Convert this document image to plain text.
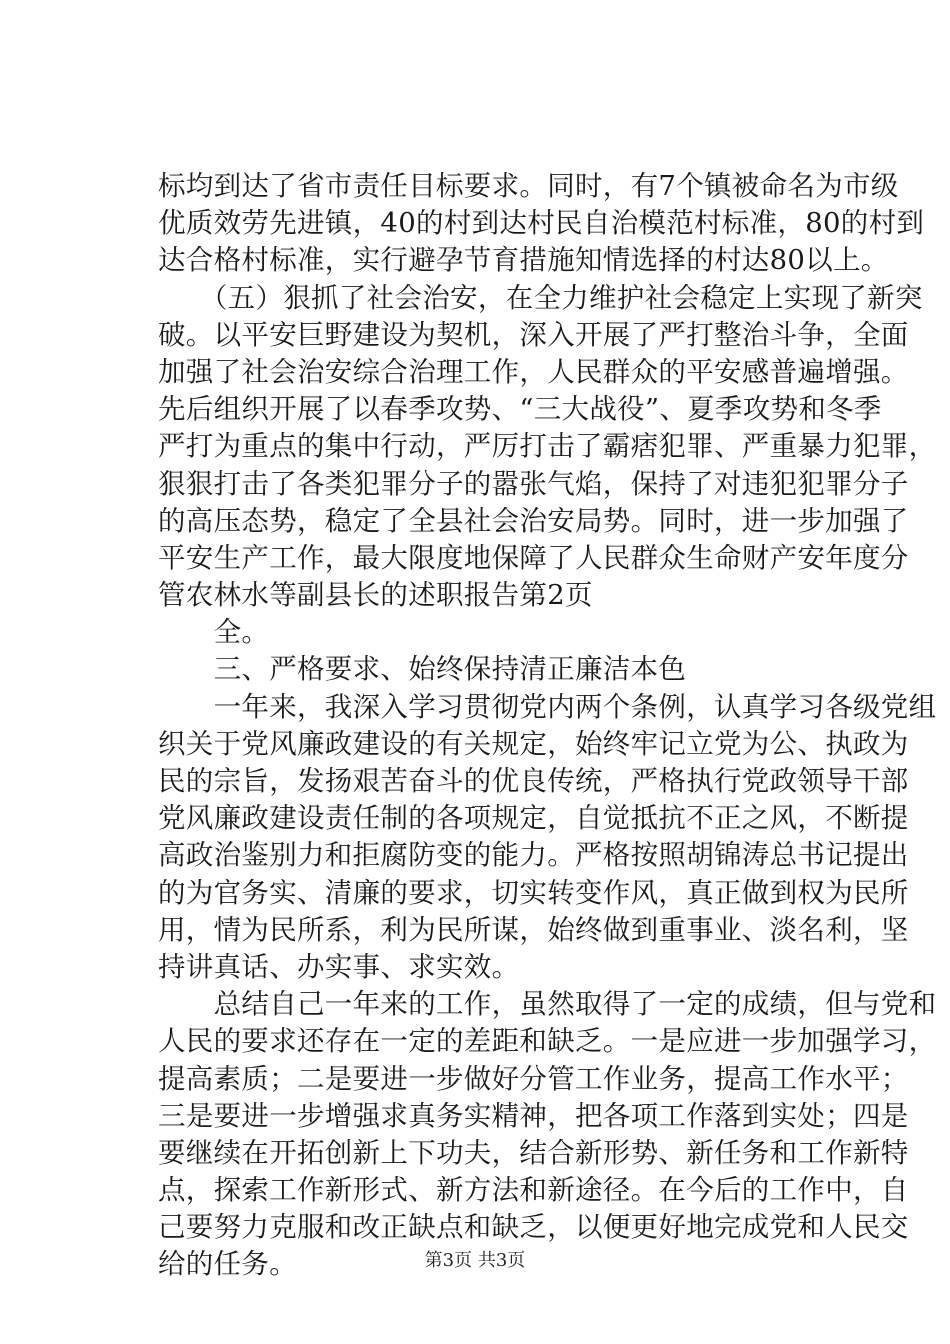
标均到达了省市责任目标要求。同时，有7个镇被命名为市级
优质效劳先进镇，40的村到达村民自治模范村标准，80的村到
达合格村标准，实行避孕节育措施知情选择的村达80以上。
　　（五）狠抓了社会治安，在全力维护社会稳定上实现了新突
破。以平安巨野建设为契机，深入开展了严打整治斗争，全面
加强了社会治安综合治理工作，人民群众的平安感普遍增强。
先后组织开展了以春季攻势、“三大战役”、夏季攻势和冬季
严打为重点的集中行动，严厉打击了霸痞犯罪、严重暴力犯罪，
狠狠打击了各类犯罪分子的嚣张气焰，保持了对违犯犯罪分子
的高压态势，稳定了全县社会治安局势。同时，进一步加强了
平安生产工作，最大限度地保障了人民群众生命财产安年度分
管农林水等副县长的述职报告第2页
　　全。
　　三、严格要求、始终保持清正廉洁本色
　　一年来，我深入学习贯彻党内两个条例，认真学习各级党组
织关于党风廉政建设的有关规定，始终牢记立党为公、执政为
民的宗旨，发扬艰苦奋斗的优良传统，严格执行党政领导干部
党风廉政建设责任制的各项规定，自觉抵抗不正之风，不断提
高政治鉴别力和拒腐防变的能力。严格按照胡锦涛总书记提出
的为官务实、清廉的要求，切实转变作风，真正做到权为民所
用，情为民所系，利为民所谋，始终做到重事业、淡名利，坚
持讲真话、办实事、求实效。
　　总结自己一年来的工作，虽然取得了一定的成绩，但与党和
人民的要求还存在一定的差距和缺乏。一是应进一步加强学习，
提高素质；二是要进一步做好分管工作业务，提高工作水平；
三是要进一步增强求真务实精神，把各项工作落到实处；四是
要继续在开拓创新上下功夫，结合新形势、新任务和工作新特
点，探索工作新形式、新方法和新途径。在今后的工作中，自
己要努力克服和改正缺点和缺乏，以便更好地完成党和人民交
给的任务。	第3页 共3页
